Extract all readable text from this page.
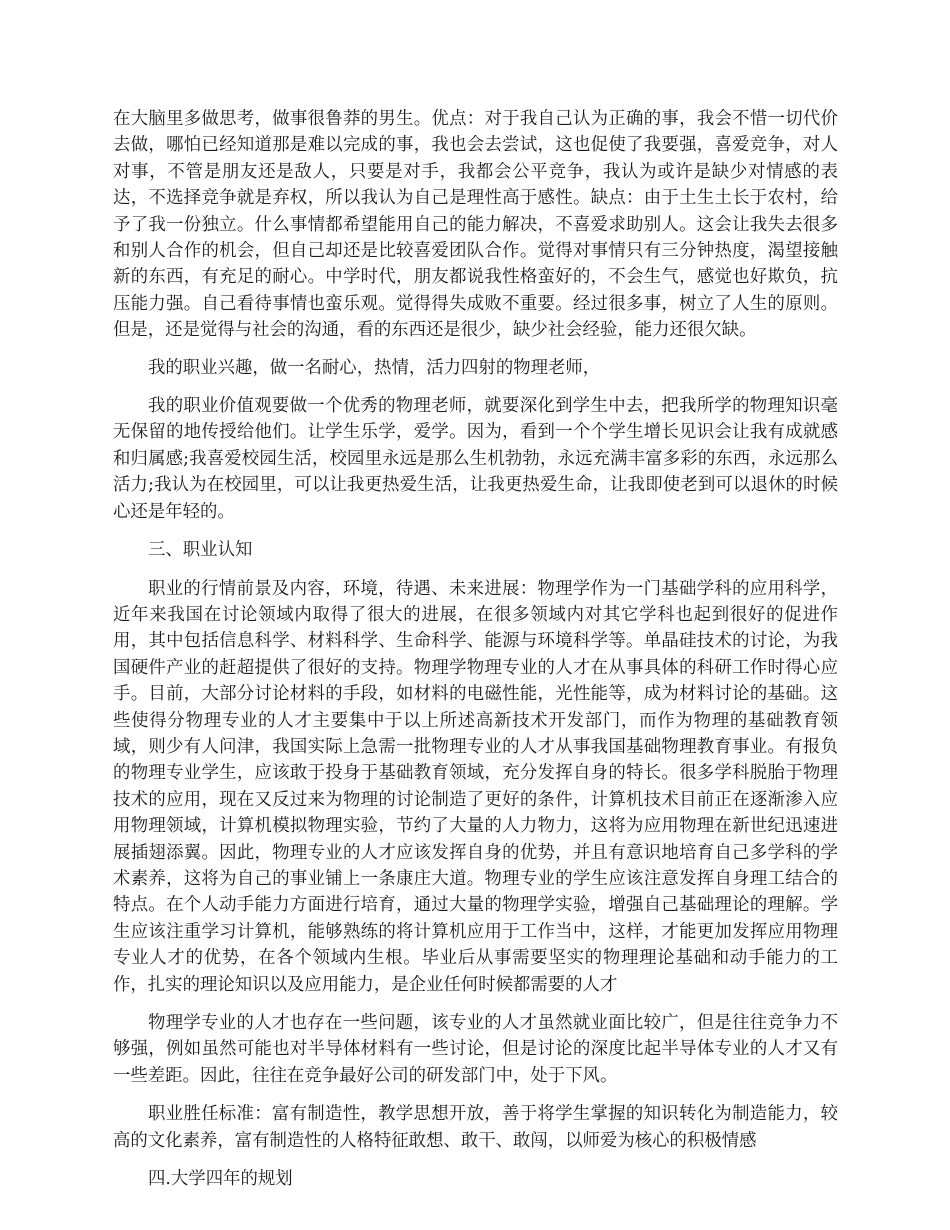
在大脑里多做思考，做事很鲁莽的男生。优点：对于我自己认为正确的事，我会不惜一切代价去做，哪怕已经知道那是难以完成的事，我也会去尝试，这也促使了我要强，喜爱竞争，对人对事，不管是朋友还是敌人，只要是对手，我都会公平竞争，我认为或许是缺少对情感的表达，不选择竞争就是弃权，所以我认为自己是理性高于感性。缺点：由于土生土长于农村，给予了我一份独立。什么事情都希望能用自己的能力解决，不喜爱求助别人。这会让我失去很多和别人合作的机会，但自己却还是比较喜爱团队合作。觉得对事情只有三分钟热度，渴望接触新的东西，有充足的耐心。中学时代，朋友都说我性格蛮好的，不会生气，感觉也好欺负，抗压能力强。自己看待事情也蛮乐观。觉得得失成败不重要。经过很多事，树立了人生的原则。但是，还是觉得与社会的沟通，看的东西还是很少，缺少社会经验，能力还很欠缺。

我的职业兴趣，做一名耐心，热情，活力四射的物理老师，

我的职业价值观要做一个优秀的物理老师，就要深化到学生中去，把我所学的物理知识毫无保留的地传授给他们。让学生乐学，爱学。因为，看到一个个学生增长见识会让我有成就感和归属感;我喜爱校园生活，校园里永远是那么生机勃勃，永远充满丰富多彩的东西，永远那么活力;我认为在校园里，可以让我更热爱生活，让我更热爱生命，让我即使老到可以退休的时候心还是年轻的。

三、职业认知

职业的行情前景及内容，环境，待遇、未来进展：物理学作为一门基础学科的应用科学，近年来我国在讨论领域内取得了很大的进展，在很多领域内对其它学科也起到很好的促进作用，其中包括信息科学、材料科学、生命科学、能源与环境科学等。单晶硅技术的讨论，为我国硬件产业的赶超提供了很好的支持。物理学物理专业的人才在从事具体的科研工作时得心应手。目前，大部分讨论材料的手段，如材料的电磁性能，光性能等，成为材料讨论的基础。这些使得分物理专业的人才主要集中于以上所述高新技术开发部门，而作为物理的基础教育领域，则少有人问津，我国实际上急需一批物理专业的人才从事我国基础物理教育事业。有报负的物理专业学生，应该敢于投身于基础教育领域，充分发挥自身的特长。很多学科脱胎于物理技术的应用，现在又反过来为物理的讨论制造了更好的条件，计算机技术目前正在逐渐渗入应用物理领域，计算机模拟物理实验，节约了大量的人力物力，这将为应用物理在新世纪迅速进展插翅添翼。因此，物理专业的人才应该发挥自身的优势，并且有意识地培育自己多学科的学术素养，这将为自己的事业铺上一条康庄大道。物理专业的学生应该注意发挥自身理工结合的特点。在个人动手能力方面进行培育，通过大量的物理学实验，增强自己基础理论的理解。学生应该注重学习计算机，能够熟练的将计算机应用于工作当中，这样，才能更加发挥应用物理专业人才的优势，在各个领域内生根。毕业后从事需要坚实的物理理论基础和动手能力的工作，扎实的理论知识以及应用能力，是企业任何时候都需要的人才

物理学专业的人才也存在一些问题，该专业的人才虽然就业面比较广，但是往往竞争力不够强，例如虽然可能也对半导体材料有一些讨论，但是讨论的深度比起半导体专业的人才又有一些差距。因此，往往在竞争最好公司的研发部门中，处于下风。

职业胜任标准：富有制造性，教学思想开放，善于将学生掌握的知识转化为制造能力，较高的文化素养，富有制造性的人格特征敢想、敢干、敢闯，以师爱为核心的积极情感

四.大学四年的规划
